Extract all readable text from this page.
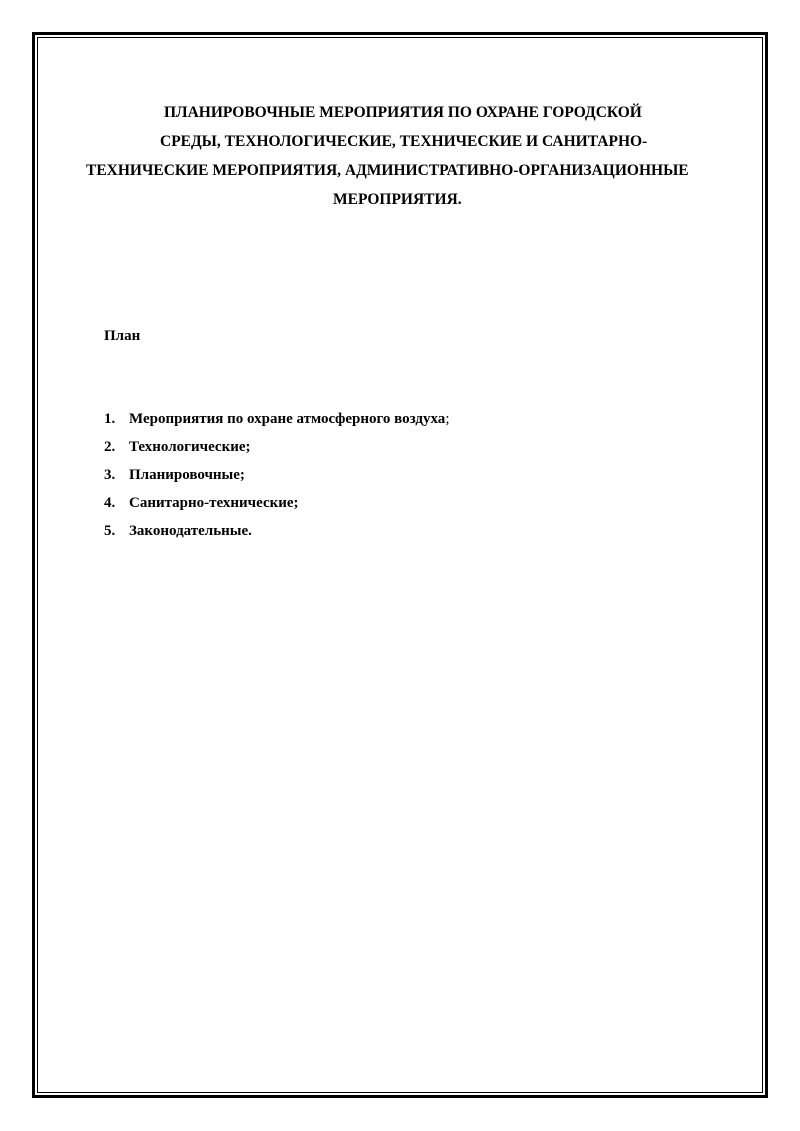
ПЛАНИРОВОЧНЫЕ МЕРОПРИЯТИЯ ПО ОХРАНЕ ГОРОДСКОЙ
СРЕДЫ, ТЕХНОЛОГИЧЕСКИЕ, ТЕХНИЧЕСКИЕ И САНИТАРНО-
ТЕХНИЧЕСКИЕ МЕРОПРИЯТИЯ, АДМИНИСТРАТИВНО-ОРГАНИЗАЦИОННЫЕ
МЕРОПРИЯТИЯ.
План
1. Мероприятия по охране атмосферного воздуха;
2. Технологические;
3. Планировочные;
4. Санитарно-технические;
5. Законодательные.
